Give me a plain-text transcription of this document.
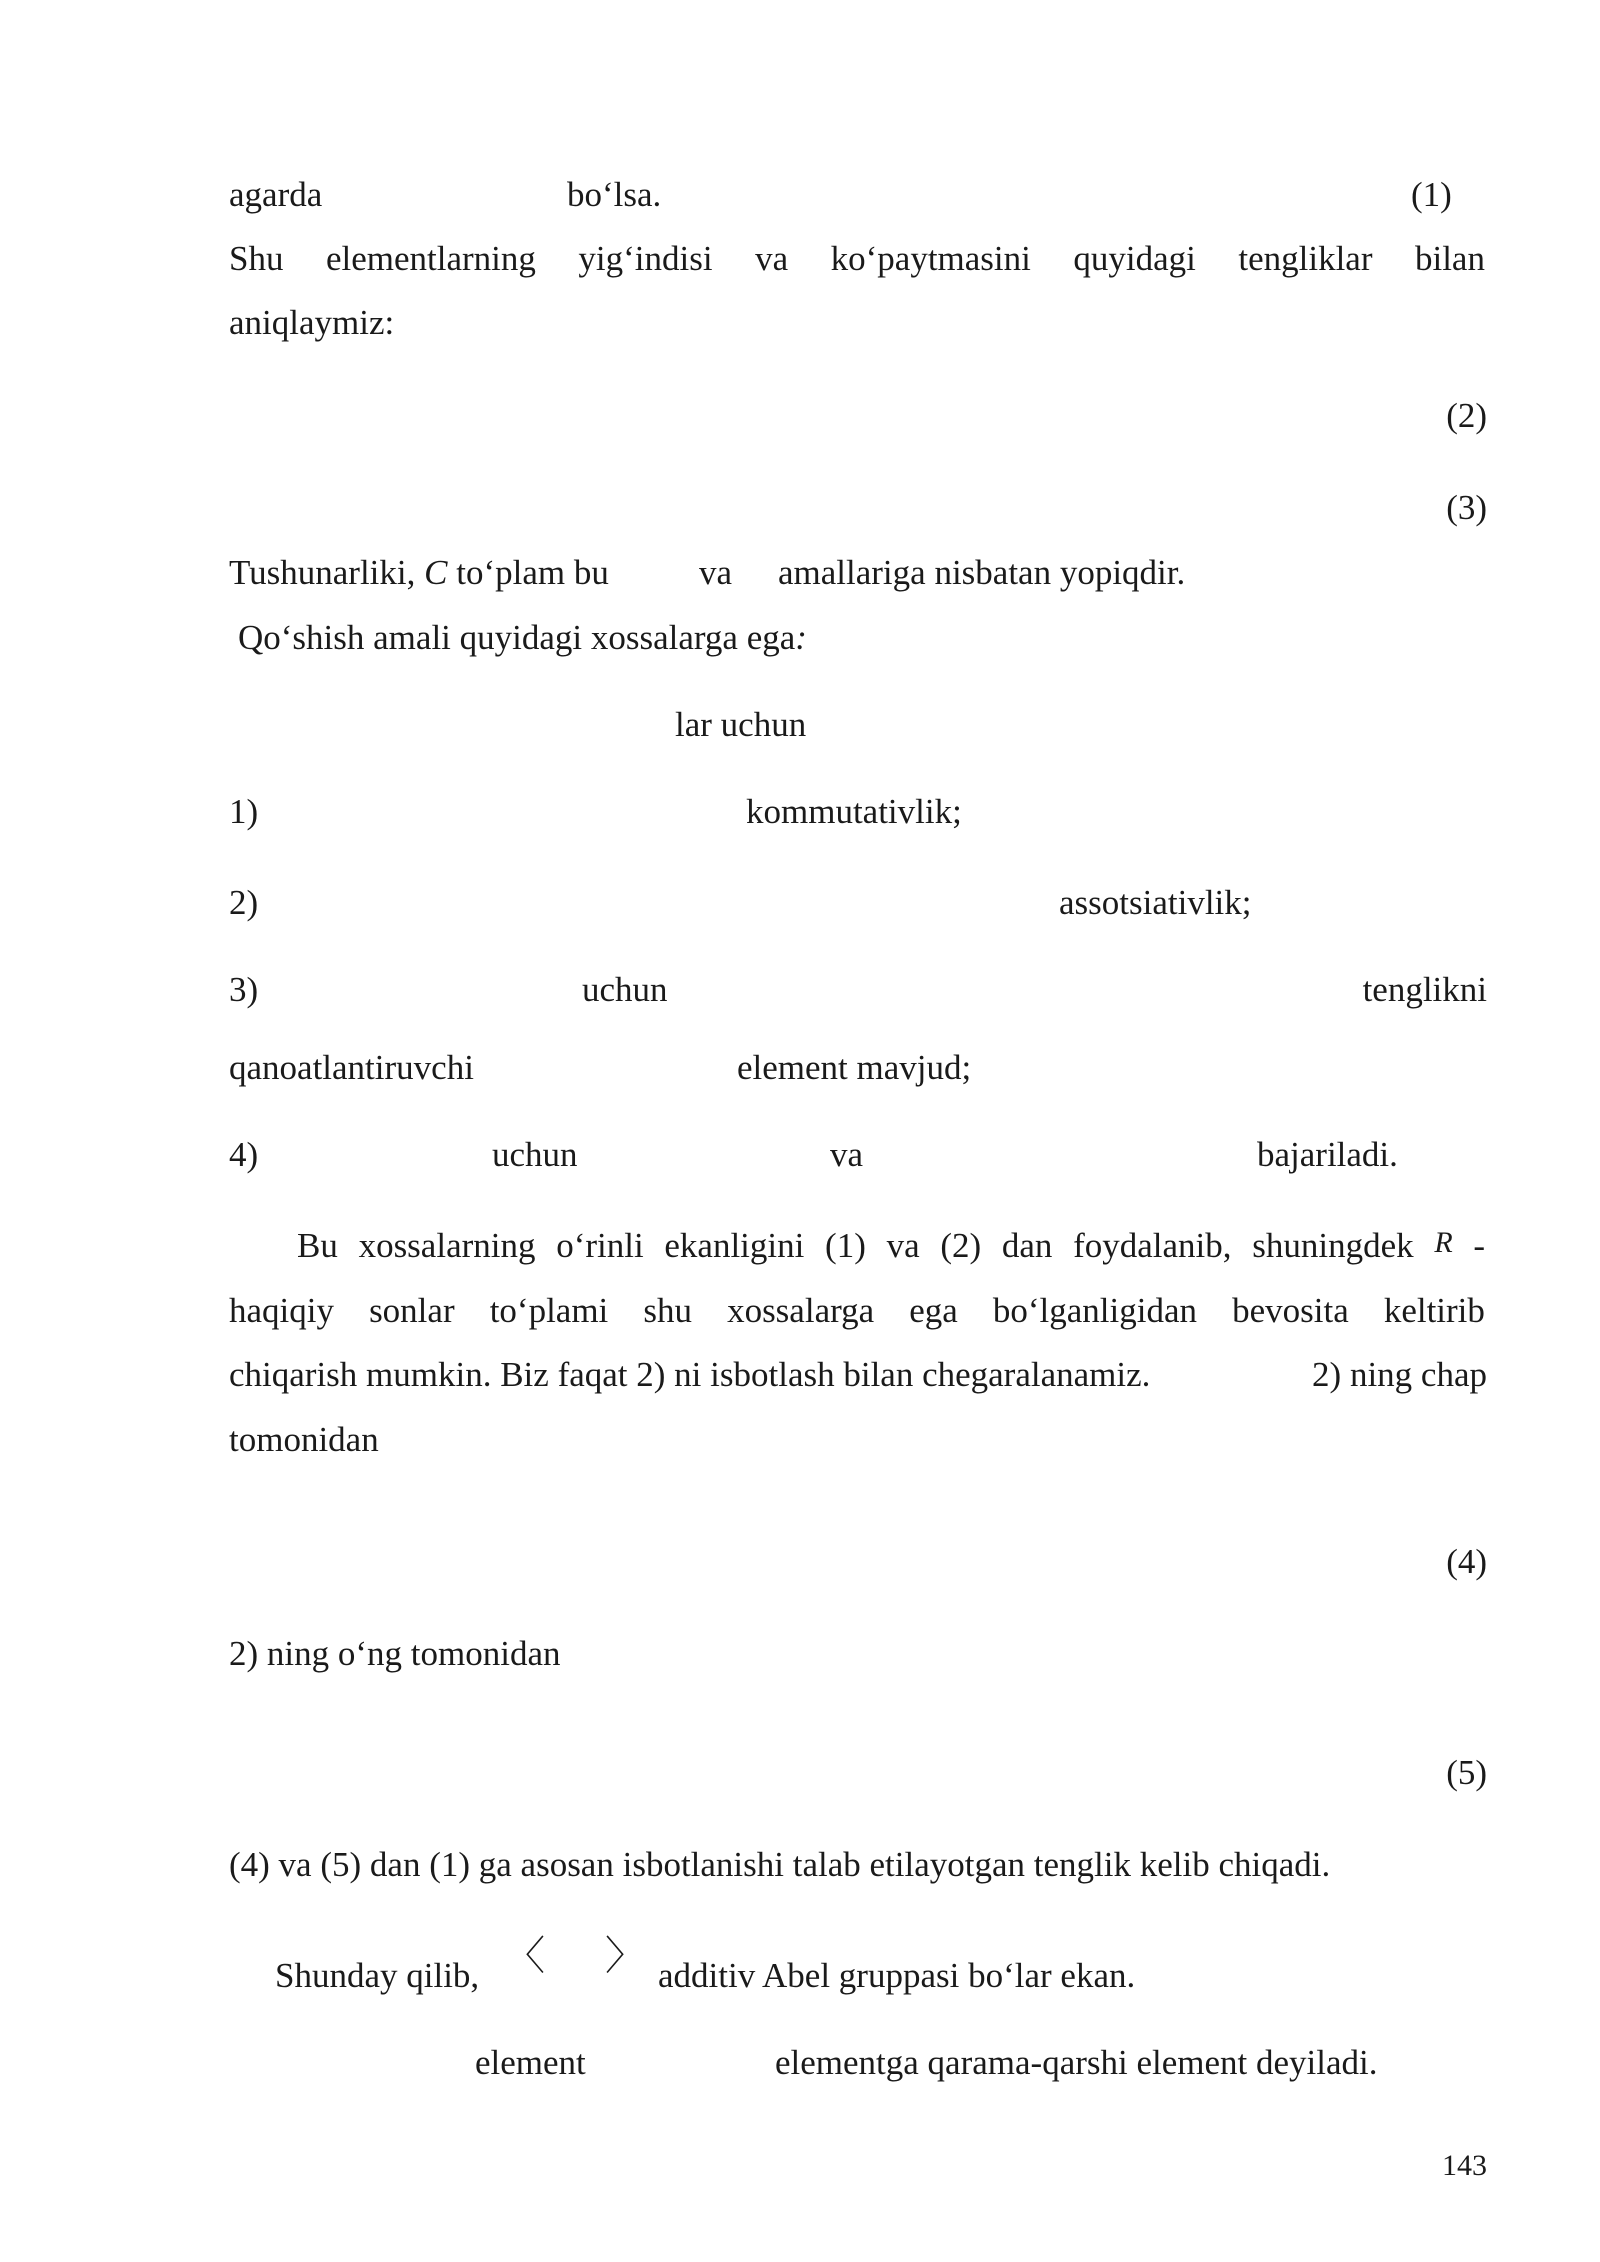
agarda	bo‘lsa.	(1)
Shu elementlarning yig‘indisi va ko‘paytmasini quyidagi tengliklar bilan
aniqlaymiz:
(2)
(3)
Tushunarliki, C to‘plam bu	va amallariga nisbatan yopiqdir.
Qo‘shish amali quyidagi xossalarga ega:
lar uchun
1)	kommutativlik;
2)	assotsiativlik;
3)	uchun	tenglikni
qanoatlantiruvchi	element mavjud;
4)	uchun	va	bajariladi.
Bu xossalarning o‘rinli ekanligini (1) va (2) dan foydalanib, shuningdek R -
haqiqiy sonlar to‘plami shu xossalarga ega bo‘lganligidan bevosita keltirib
chiqarish mumkin. Biz faqat 2) ni isbotlash bilan chegaralanamiz.	2) ning chap
tomonidan
(4)
2) ning o‘ng tomonidan
(5)
(4) va (5) dan (1) ga asosan isbotlanishi talab etilayotgan tenglik kelib chiqadi.
Shunday qilib, 〈 〉 additiv Abel gruppasi bo‘lar ekan.
element	elementga qarama-qarshi element deyiladi.
143
